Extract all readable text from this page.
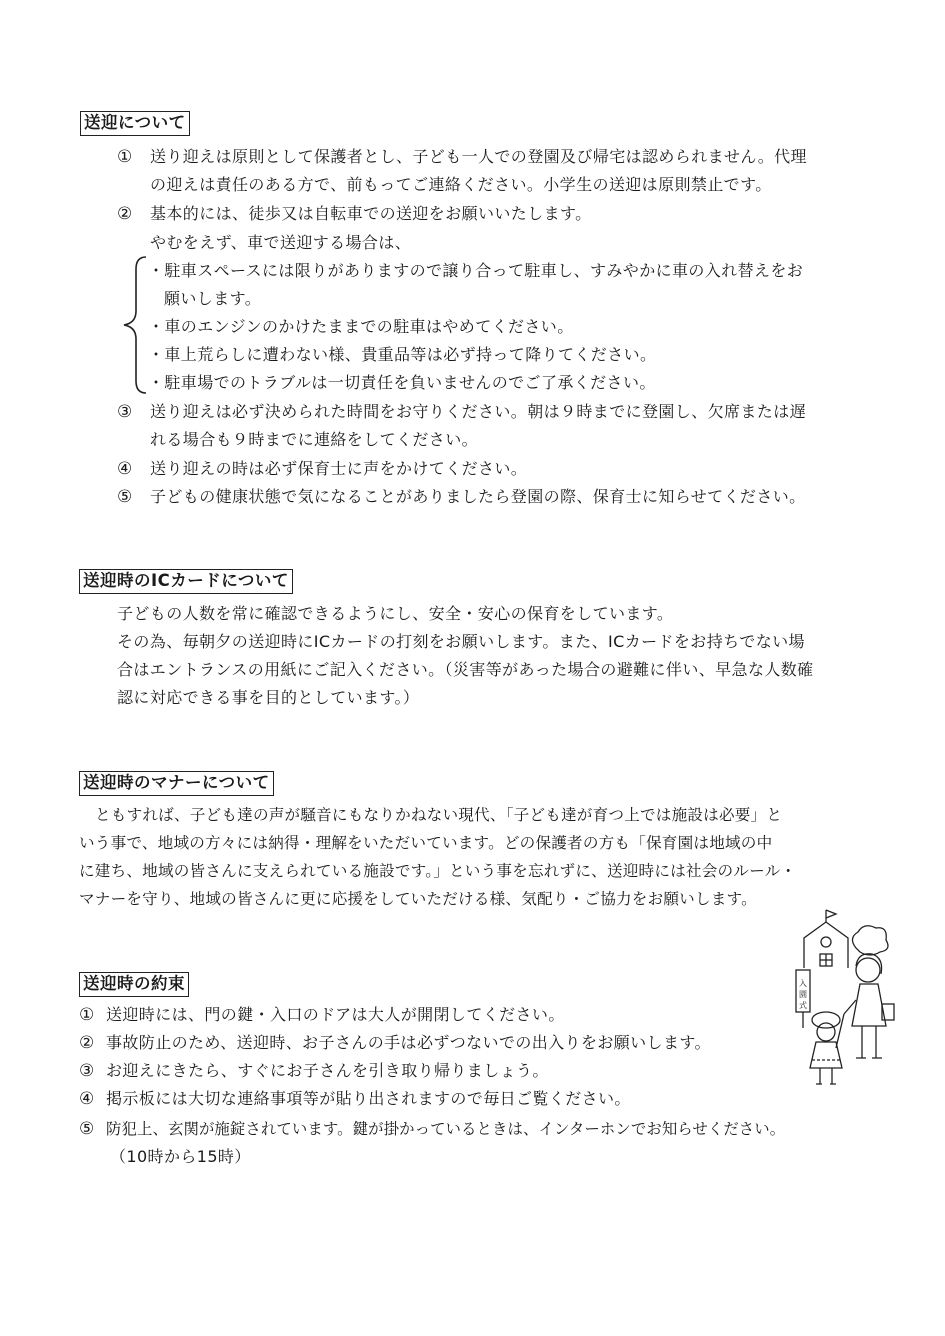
送迎について
① 送り迎えは原則として保護者とし、子ども一人での登園及び帰宅は認められません。代理
の迎えは責任のある方で、前もってご連絡ください。小学生の送迎は原則禁止です。
② 基本的には、徒歩又は自転車での送迎をお願いいたします。
やむをえず、車で送迎する場合は、
・駐車スペースには限りがありますので譲り合って駐車し、すみやかに車の入れ替えをお
願いします。
・車のエンジンのかけたままでの駐車はやめてください。
・車上荒らしに遭わない様、貴重品等は必ず持って降りてください。
・駐車場でのトラブルは一切責任を負いませんのでご了承ください。
③ 送り迎えは必ず決められた時間をお守りください。朝は９時までに登園し、欠席または遅
れる場合も９時までに連絡をしてください。
④ 送り迎えの時は必ず保育士に声をかけてください。
⑤ 子どもの健康状態で気になることがありましたら登園の際、保育士に知らせてください。
送迎時のICカードについて
子どもの人数を常に確認できるようにし、安全・安心の保育をしています。
その為、毎朝夕の送迎時にICカードの打刻をお願いします。また、ICカードをお持ちでない場
合はエントランスの用紙にご記入ください。（災害等があった場合の避難に伴い、早急な人数確
認に対応できる事を目的としています。）
送迎時のマナーについて
ともすれば、子ども達の声が騒音にもなりかねない現代、「子ども達が育つ上では施設は必要」と
いう事で、地域の方々には納得・理解をいただいています。どの保護者の方も「保育園は地域の中
に建ち、地域の皆さんに支えられている施設です。」という事を忘れずに、送迎時には社会のルール・
マナーを守り、地域の皆さんに更に応援をしていただける様、気配り・ご協力をお願いします。
送迎時の約束
① 送迎時には、門の鍵・入口のドアは大人が開閉してください。
② 事故防止のため、送迎時、お子さんの手は必ずつないでの出入りをお願いします。
③ お迎えにきたら、すぐにお子さんを引き取り帰りましょう。
④ 掲示板には大切な連絡事項等が貼り出されますので毎日ご覧ください。
⑤ 防犯上、玄関が施錠されています。鍵が掛かっているときは、インターホンでお知らせください。
（10時から15時）
入
園
式
